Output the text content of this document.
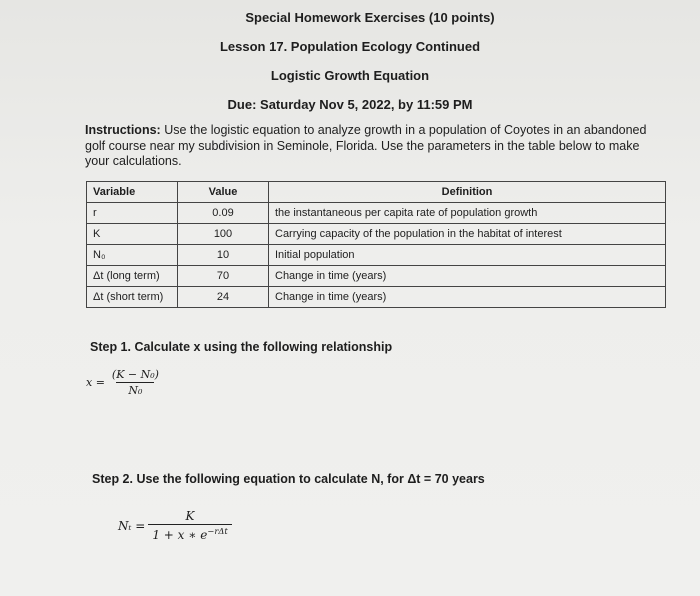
Special Homework Exercises (10 points)
Lesson 17. Population Ecology Continued
Logistic Growth Equation
Due: Saturday Nov 5, 2022, by 11:59 PM
Instructions: Use the logistic equation to analyze growth in a population of Coyotes in an abandoned golf course near my subdivision in Seminole, Florida. Use the parameters in the table below to make your calculations.
Variable	Value	Definition
r	0.09	the instantaneous per capita rate of population growth
K	100	Carrying capacity of the population in the habitat of interest
N₀	10	Initial population
Δt (long term)	70	Change in time (years)
Δt (short term)	24	Change in time (years)
Step 1. Calculate x using the following relationship
$x = \frac{\text{(K − N₀)}}{\text{N₀}}$
Step 2. Use the following equation to calculate N, for Δt = 70 years
$N_t = \frac{K}{1 + x ∗ e^{-r\Delta t}}$
